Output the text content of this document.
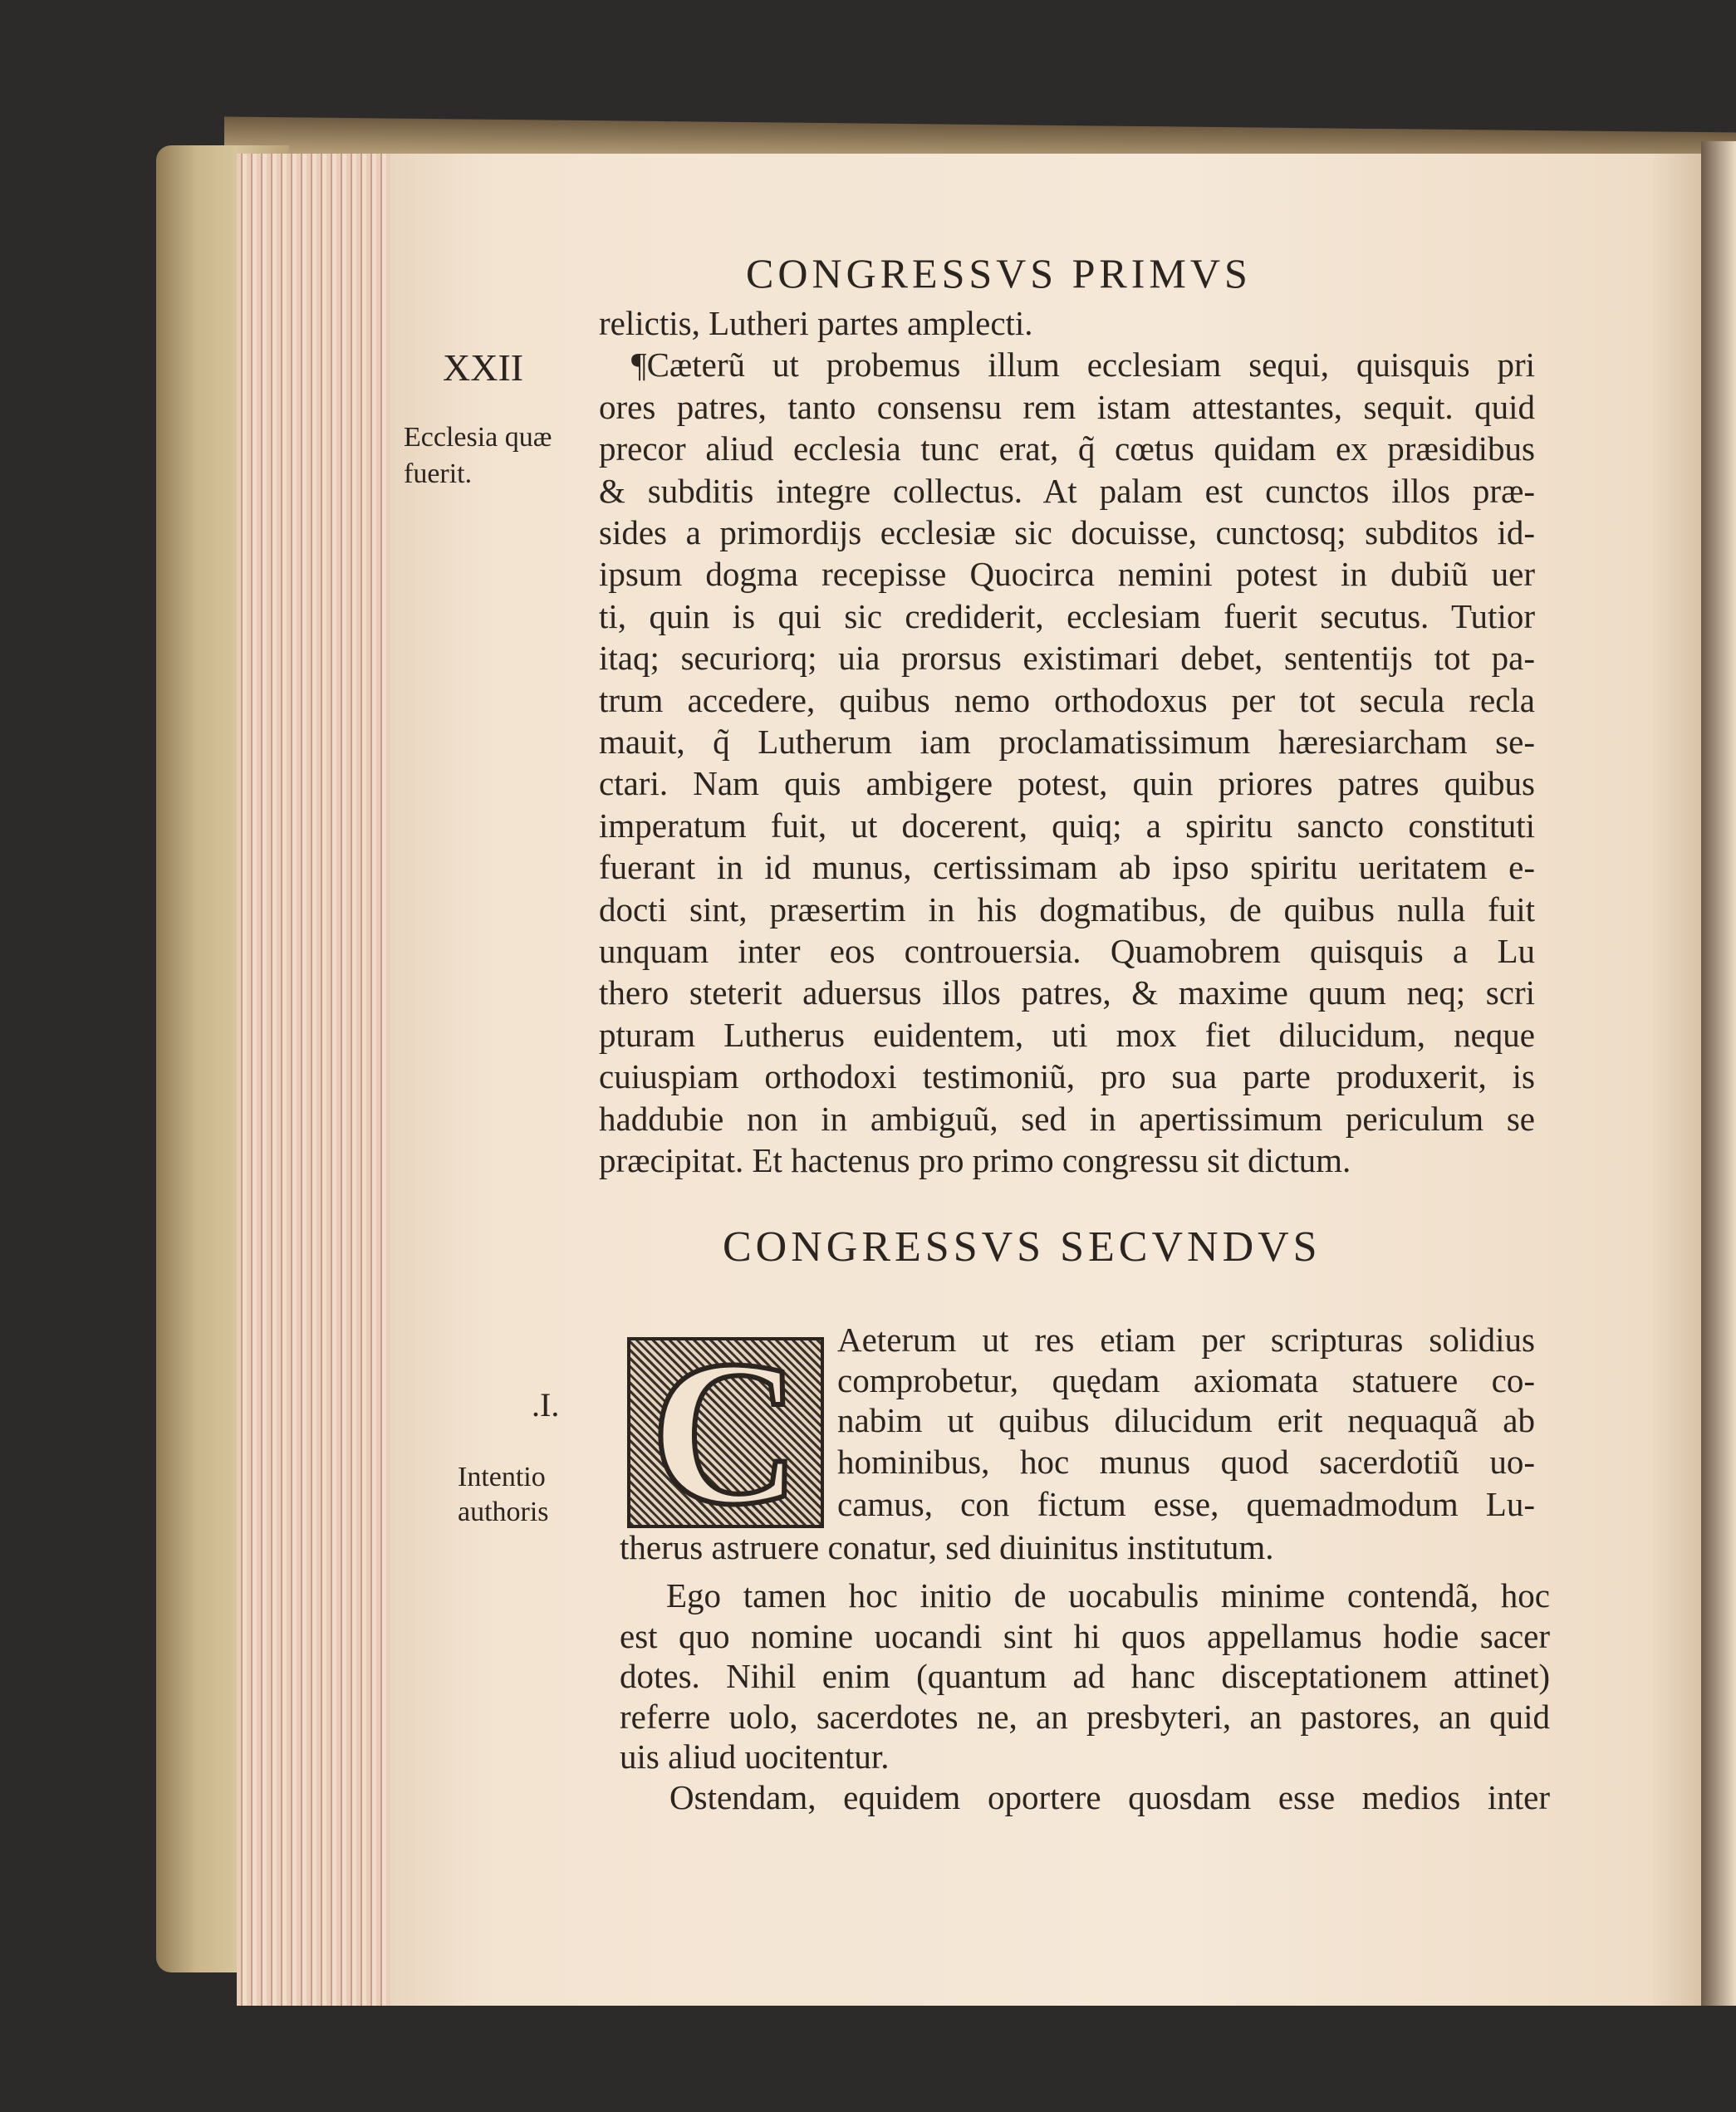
CONGRESSVS PRIMVS
XXII
Ecclesia quæ
fuerit.
relictis, Lutheri partes amplecti.
¶Cæterũ ut probemus illum ecclesiam sequi, quisquis pri
ores patres, tanto consensu rem istam attestantes, sequit. quid
precor aliud ecclesia tunc erat, q̃ cœtus quidam ex præsidibus
& subditis integre collectus. At palam est cunctos illos præ-
sides a primordijs ecclesiæ sic docuisse, cunctosq; subditos id-
ipsum dogma recepisse Quocirca nemini potest in dubiũ uer
ti, quin is qui sic crediderit, ecclesiam fuerit secutus. Tutior
itaq; securiorq; uia prorsus existimari debet, sententijs tot pa-
trum accedere, quibus nemo orthodoxus per tot secula recla
mauit, q̃ Lutherum iam proclamatissimum hæresiarcham se-
ctari. Nam quis ambigere potest, quin priores patres quibus
imperatum fuit, ut docerent, quiq; a spiritu sancto constituti
fuerant in id munus, certissimam ab ipso spiritu ueritatem e-
docti sint, præsertim in his dogmatibus, de quibus nulla fuit
unquam inter eos controuersia. Quamobrem quisquis a Lu
thero steterit aduersus illos patres, & maxime quum neq; scri
pturam Lutherus euidentem, uti mox fiet dilucidum, neque
cuiuspiam orthodoxi testimoniũ, pro sua parte produxerit, is
haddubie non in ambiguũ, sed in apertissimum periculum se
præcipitat. Et hactenus pro primo congressu sit dictum.
CONGRESSVS SECVNDVS
C
.I.
Intentio
authoris
Aeterum ut res etiam per scripturas solidius
comprobetur, quędam axiomata statuere co-
nabim ut quibus dilucidum erit nequaquã ab
hominibus, hoc munus quod sacerdotiũ uo-
camus, con fictum esse, quemadmodum Lu-
therus astruere conatur, sed diuinitus institutum.
Ego tamen hoc initio de uocabulis minime contendã, hoc
est quo nomine uocandi sint hi quos appellamus hodie sacer
dotes. Nihil enim (quantum ad hanc disceptationem attinet)
referre uolo, sacerdotes ne, an presbyteri, an pastores, an quid
uis aliud uocitentur.
Ostendam, equidem oportere quosdam esse medios inter
